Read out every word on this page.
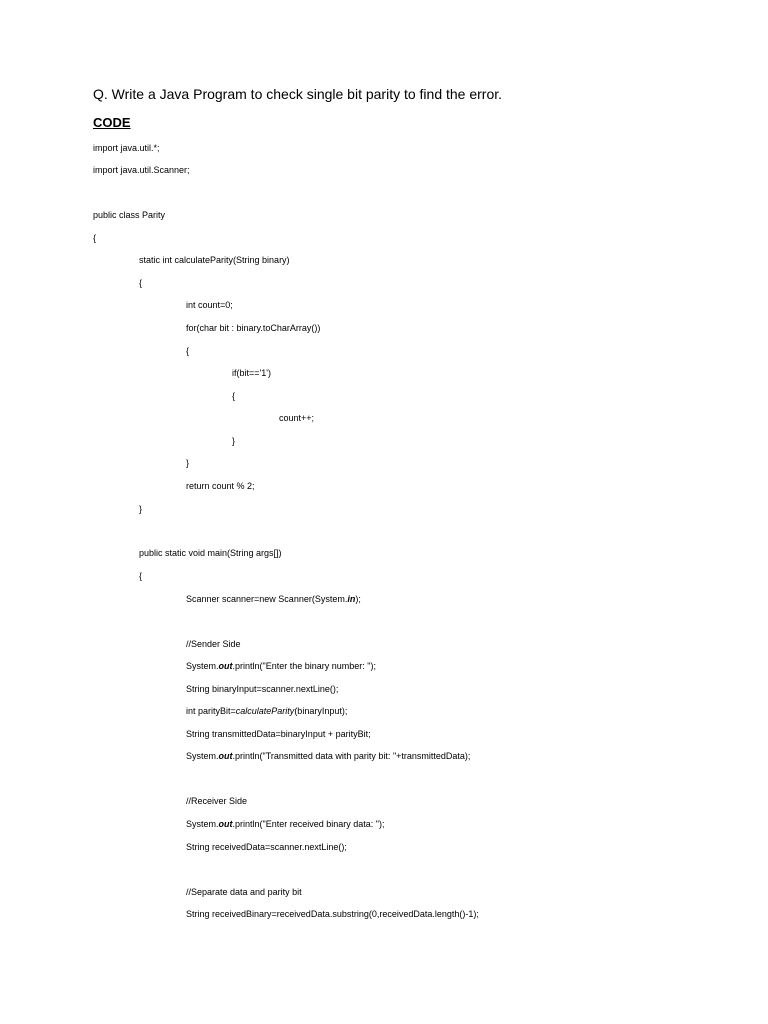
Q. Write a Java Program to check single bit parity to find the error.
CODE
import java.util.*;
import java.util.Scanner;
public class Parity
{
static int calculateParity(String binary)
{
int count=0;
for(char bit : binary.toCharArray())
{
if(bit=='1')
{
count++;
}
}
return count % 2;
}
public static void main(String args[])
{
Scanner scanner=new Scanner(System.in);
//Sender Side
System.out.println("Enter the binary number: ");
String binaryInput=scanner.nextLine();
int parityBit=calculateParity(binaryInput);
String transmittedData=binaryInput + parityBit;
System.out.println("Transmitted data with parity bit: "+transmittedData);
//Receiver Side
System.out.println("Enter received binary data: ");
String receivedData=scanner.nextLine();
//Separate data and parity bit
String receivedBinary=receivedData.substring(0,receivedData.length()-1);
